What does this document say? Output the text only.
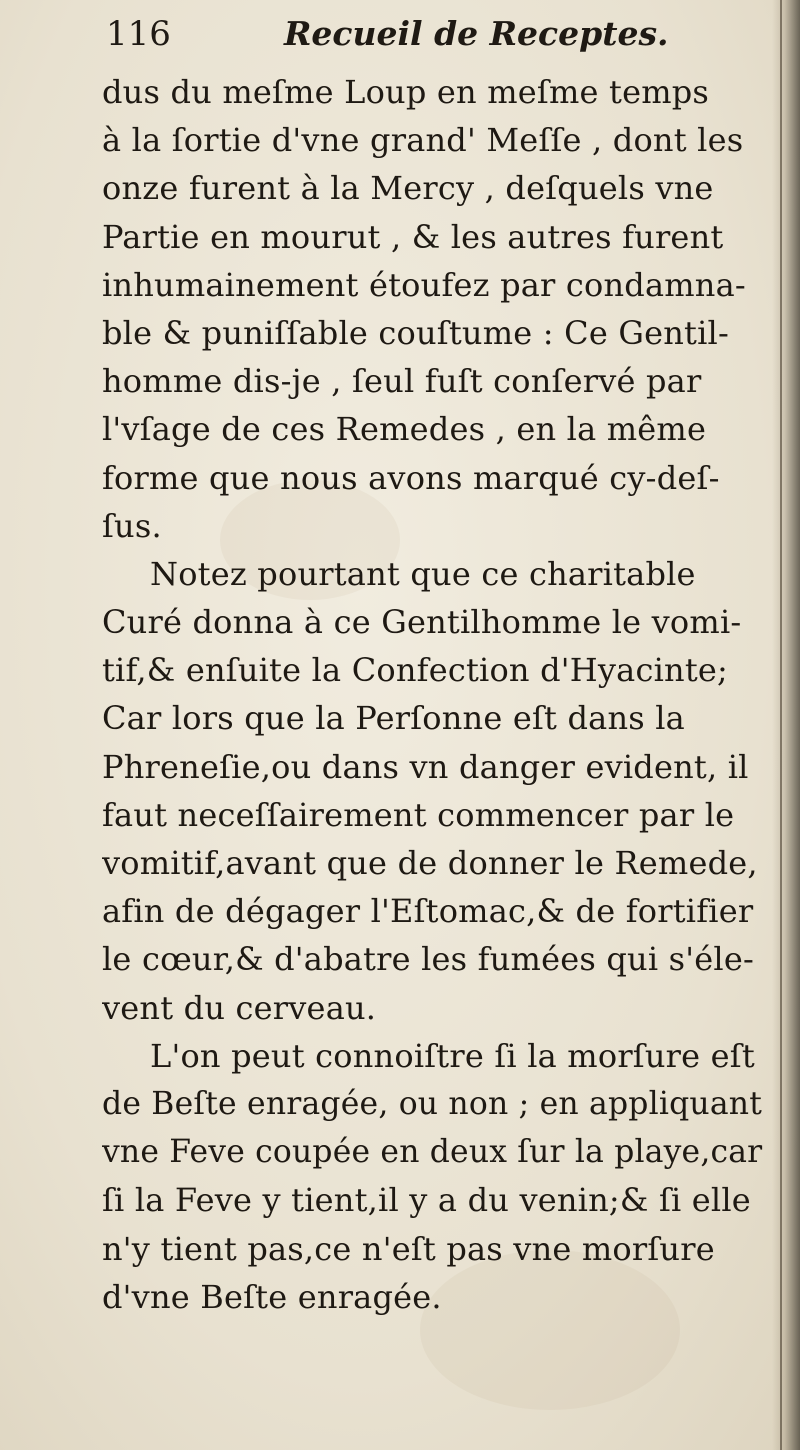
116	Recueil de Receptes.
dus du meſme Loup en meſme temps
à la ſortie d'vne grand' Meſſe , dont les
onze furent à la Mercy , deſquels vne
Partie en mourut , & les autres furent
inhumainement étoufez par condamna-
ble & puniſſable couſtume : Ce Gentil-
homme dis-je , ſeul fuſt conſervé par
l'vſage de ces Remedes , en la même
forme que nous avons marqué cy-deſ-
ſus.
Notez pourtant que ce charitable
Curé donna à ce Gentilhomme le vomi-
tif,& enſuite la Confection d'Hyacinte;
Car lors que la Perſonne eſt dans la
Phreneſie,ou dans vn danger evident, il
faut neceſſairement commencer par le
vomitif,avant que de donner le Remede,
afin de dégager l'Eſtomac,& de fortifier
le cœur,& d'abatre les fumées qui s'éle-
vent du cerveau.
L'on peut connoiſtre ſi la morſure eſt
de Beſte enragée, ou non ; en appliquant
vne Feve coupée en deux ſur la playe,car
ſi la Feve y tient,il y a du venin;& ſi elle
n'y tient pas,ce n'eſt pas vne morſure
d'vne Beſte enragée.
